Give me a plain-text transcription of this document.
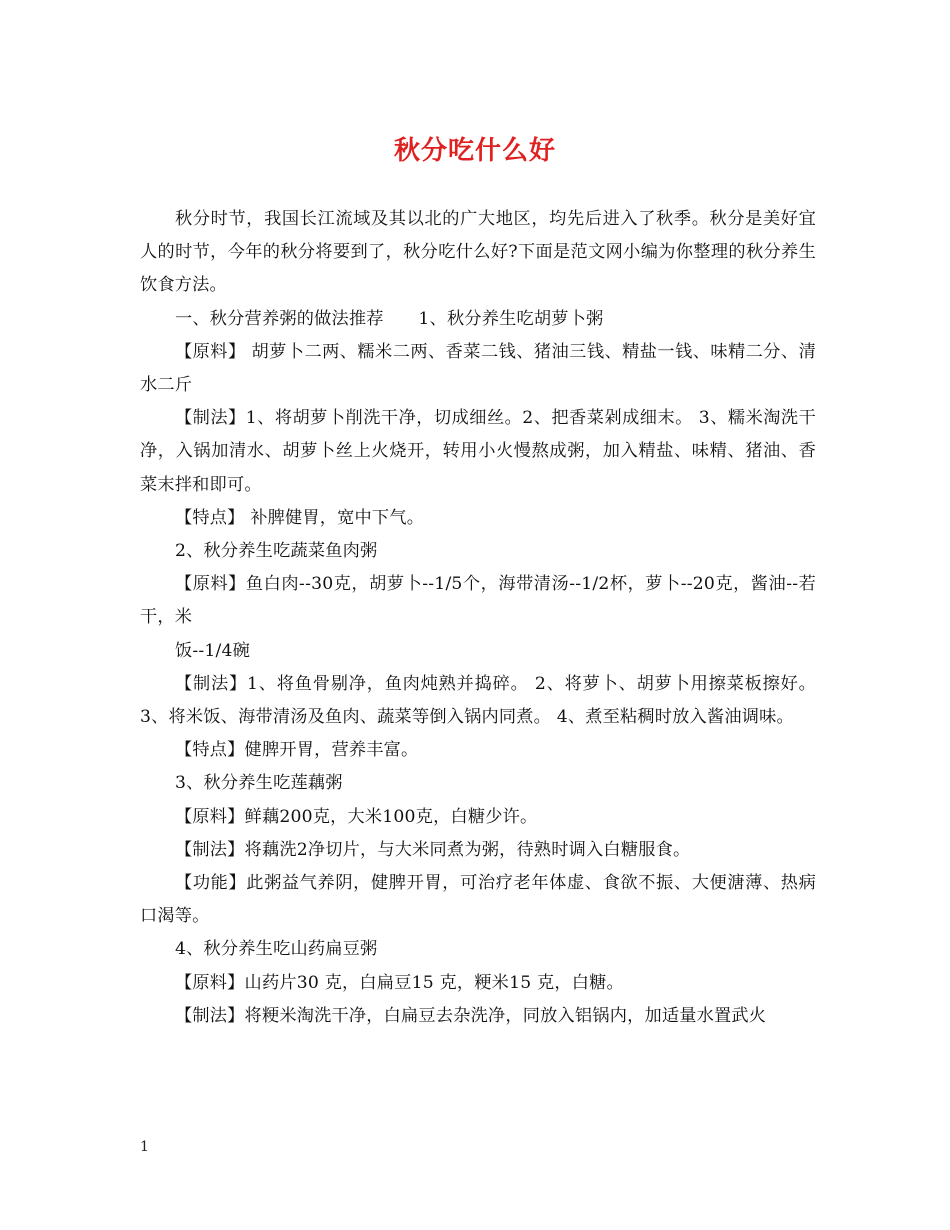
秋分吃什么好

秋分时节，我国长江流域及其以北的广大地区，均先后进入了秋季。秋分是美好宜人的时节，今年的秋分将要到了，秋分吃什么好?下面是范文网小编为你整理的秋分养生饮食方法。

一、秋分营养粥的做法推荐　　1、秋分养生吃胡萝卜粥

【原料】 胡萝卜二两、糯米二两、香菜二钱、猪油三钱、精盐一钱、味精二分、清水二斤

【制法】1、将胡萝卜削洗干净，切成细丝。2、把香菜剁成细末。 3、糯米淘洗干净，入锅加清水、胡萝卜丝上火烧开，转用小火慢熬成粥，加入精盐、味精、猪油、香菜末拌和即可。

【特点】 补脾健胃，宽中下气。

2、秋分养生吃蔬菜鱼肉粥

【原料】鱼白肉--30克，胡萝卜--1/5个，海带清汤--1/2杯，萝卜--20克，酱油--若干，米

饭--1/4碗

【制法】1、将鱼骨剔净，鱼肉炖熟并捣碎。 2、将萝卜、胡萝卜用擦菜板擦好。3、将米饭、海带清汤及鱼肉、蔬菜等倒入锅内同煮。 4、煮至粘稠时放入酱油调味。

【特点】健脾开胃，营养丰富。

3、秋分养生吃莲藕粥

【原料】鲜藕200克，大米100克，白糖少许。

【制法】将藕洗2净切片，与大米同煮为粥，待熟时调入白糖服食。

【功能】此粥益气养阴，健脾开胃，可治疗老年体虚、食欲不振、大便溏薄、热病口渴等。

4、秋分养生吃山药扁豆粥

【原料】山药片30 克，白扁豆15 克，粳米15 克，白糖。

【制法】将粳米淘洗干净，白扁豆去杂洗净，同放入铝锅内，加适量水置武火

1
